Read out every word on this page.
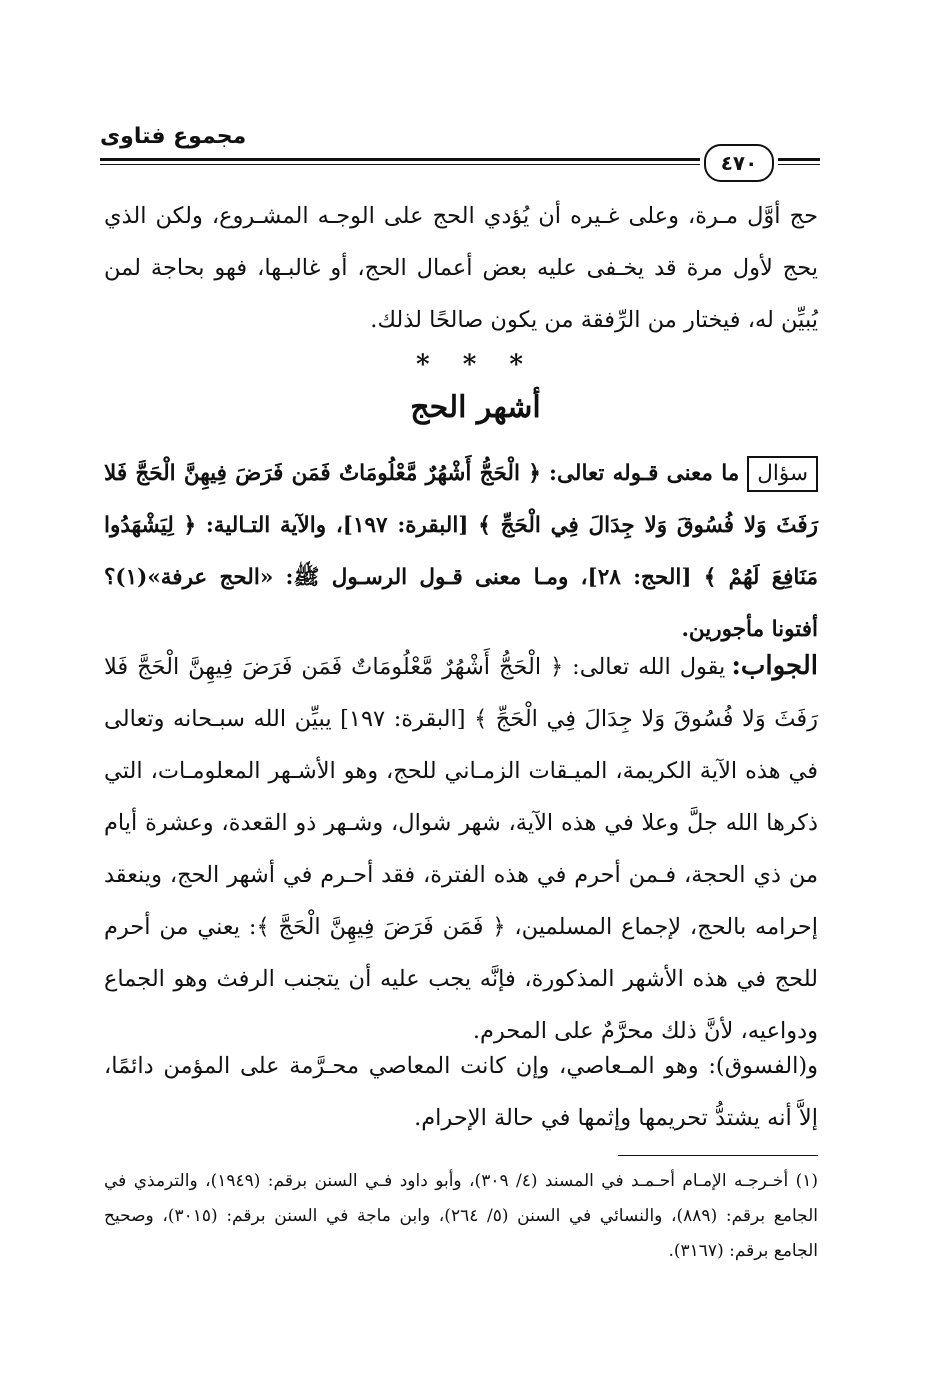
مجموع فتاوى
٤٧٠
حج أوَّل مـرة، وعلى غـيره أن يُؤدي الحج على الوجـه المشـروع، ولكن الذي يحج لأول مرة قد يخـفى عليه بعض أعمال الحج، أو غالبـها، فهو بحاجة لمن يُبيِّن له، فيختار من الرِّفقة من يكون صالحًا لذلك.
* * *
أشهر الحج
سؤالما معنى قـوله تعالى: ﴿ الْحَجُّ أَشْهُرٌ مَّعْلُومَاتٌ فَمَن فَرَضَ فِيهِنَّ الْحَجَّ فَلا رَفَثَ وَلا فُسُوقَ وَلا جِدَالَ فِي الْحَجِّ ﴾ [البقرة: ١٩٧]، والآية التـالية: ﴿ لِيَشْهَدُوا مَنَافِعَ لَهُمْ ﴾ [الحج: ٢٨]، ومـا معنى قـول الرسـول ﷺ: «الحج عرفة»(١)؟ أفتونا مأجورين.
الجواب:يقول الله تعالى: ﴿ الْحَجُّ أَشْهُرٌ مَّعْلُومَاتٌ فَمَن فَرَضَ فِيهِنَّ الْحَجَّ فَلا رَفَثَ وَلا فُسُوقَ وَلا جِدَالَ فِي الْحَجِّ ﴾ [البقرة: ١٩٧] يبيِّن الله سبـحانه وتعالى في هذه الآية الكريمة، الميـقات الزمـاني للحج، وهو الأشـهر المعلومـات، التي ذكرها الله جلَّ وعلا في هذه الآية، شهر شوال، وشـهر ذو القعدة، وعشرة أيام من ذي الحجة، فـمن أحرم في هذه الفترة، فقد أحـرم في أشهر الحج، وينعقد إحرامه بالحج، لإجماع المسلمين، ﴿ فَمَن فَرَضَ فِيهِنَّ الْحَجَّ ﴾: يعني من أحرم للحج في هذه الأشهر المذكورة، فإنَّه يجب عليه أن يتجنب الرفث وهو الجماع ودواعيه، لأنَّ ذلك محرَّمٌ على المحرم.
و(الفسوق): وهو المـعاصي، وإن كانت المعاصي محـرَّمة على المؤمن دائمًا، إلاَّ أنه يشتدُّ تحريمها وإثمها في حالة الإحرام.
(١) أخـرجـه الإمـام أحـمـد في المسند (٤/ ٣٠٩)، وأبو داود فـي السنن برقم: (١٩٤٩)، والترمذي في الجامع برقم: (٨٨٩)، والنسائي في السنن (٥/ ٢٦٤)، وابن ماجة في السنن برقم: (٣٠١٥)، وصحيح الجامع برقم: (٣١٦٧).
